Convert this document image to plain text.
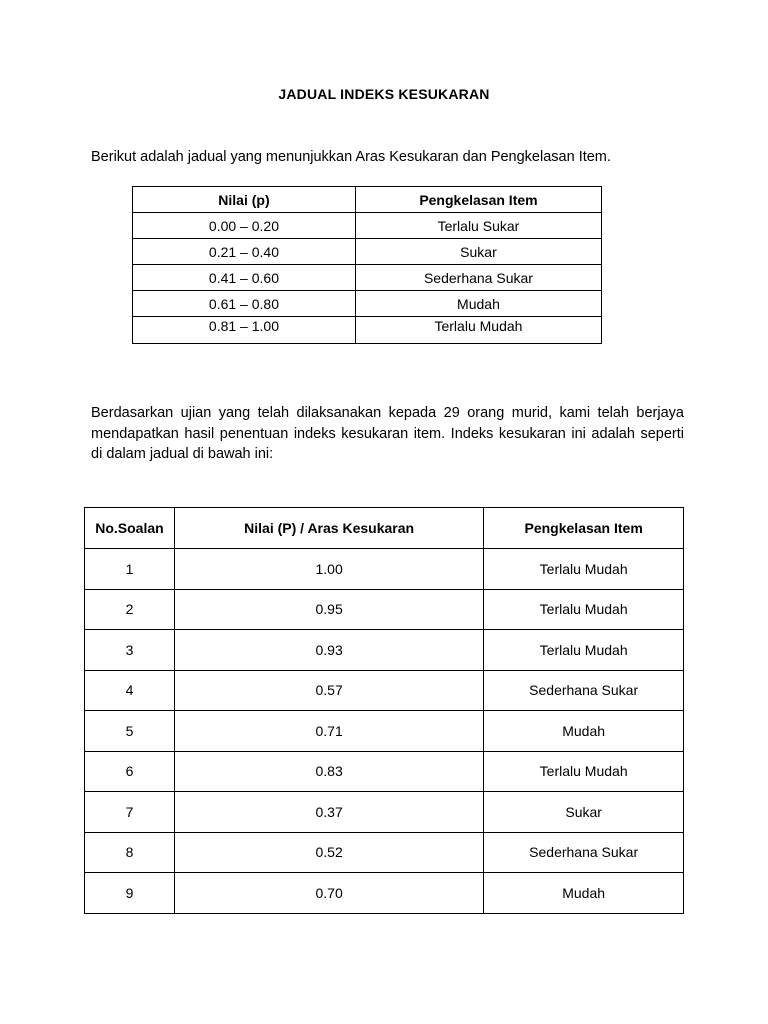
JADUAL INDEKS KESUKARAN
Berikut adalah jadual yang menunjukkan Aras Kesukaran dan Pengkelasan Item.
Nilai (p)	Pengkelasan Item
0.00 – 0.20	Terlalu Sukar
0.21 – 0.40	Sukar
0.41 – 0.60	Sederhana Sukar
0.61 – 0.80	Mudah
0.81 – 1.00	Terlalu Mudah
Berdasarkan ujian yang telah dilaksanakan kepada 29 orang murid, kami telah berjaya mendapatkan hasil penentuan indeks kesukaran item. Indeks kesukaran ini adalah seperti di dalam jadual di bawah ini:
No.Soalan	Nilai (P) / Aras Kesukaran	Pengkelasan Item
1	1.00	Terlalu Mudah
2	0.95	Terlalu Mudah
3	0.93	Terlalu Mudah
4	0.57	Sederhana Sukar
5	0.71	Mudah
6	0.83	Terlalu Mudah
7	0.37	Sukar
8	0.52	Sederhana Sukar
9	0.70	Mudah
